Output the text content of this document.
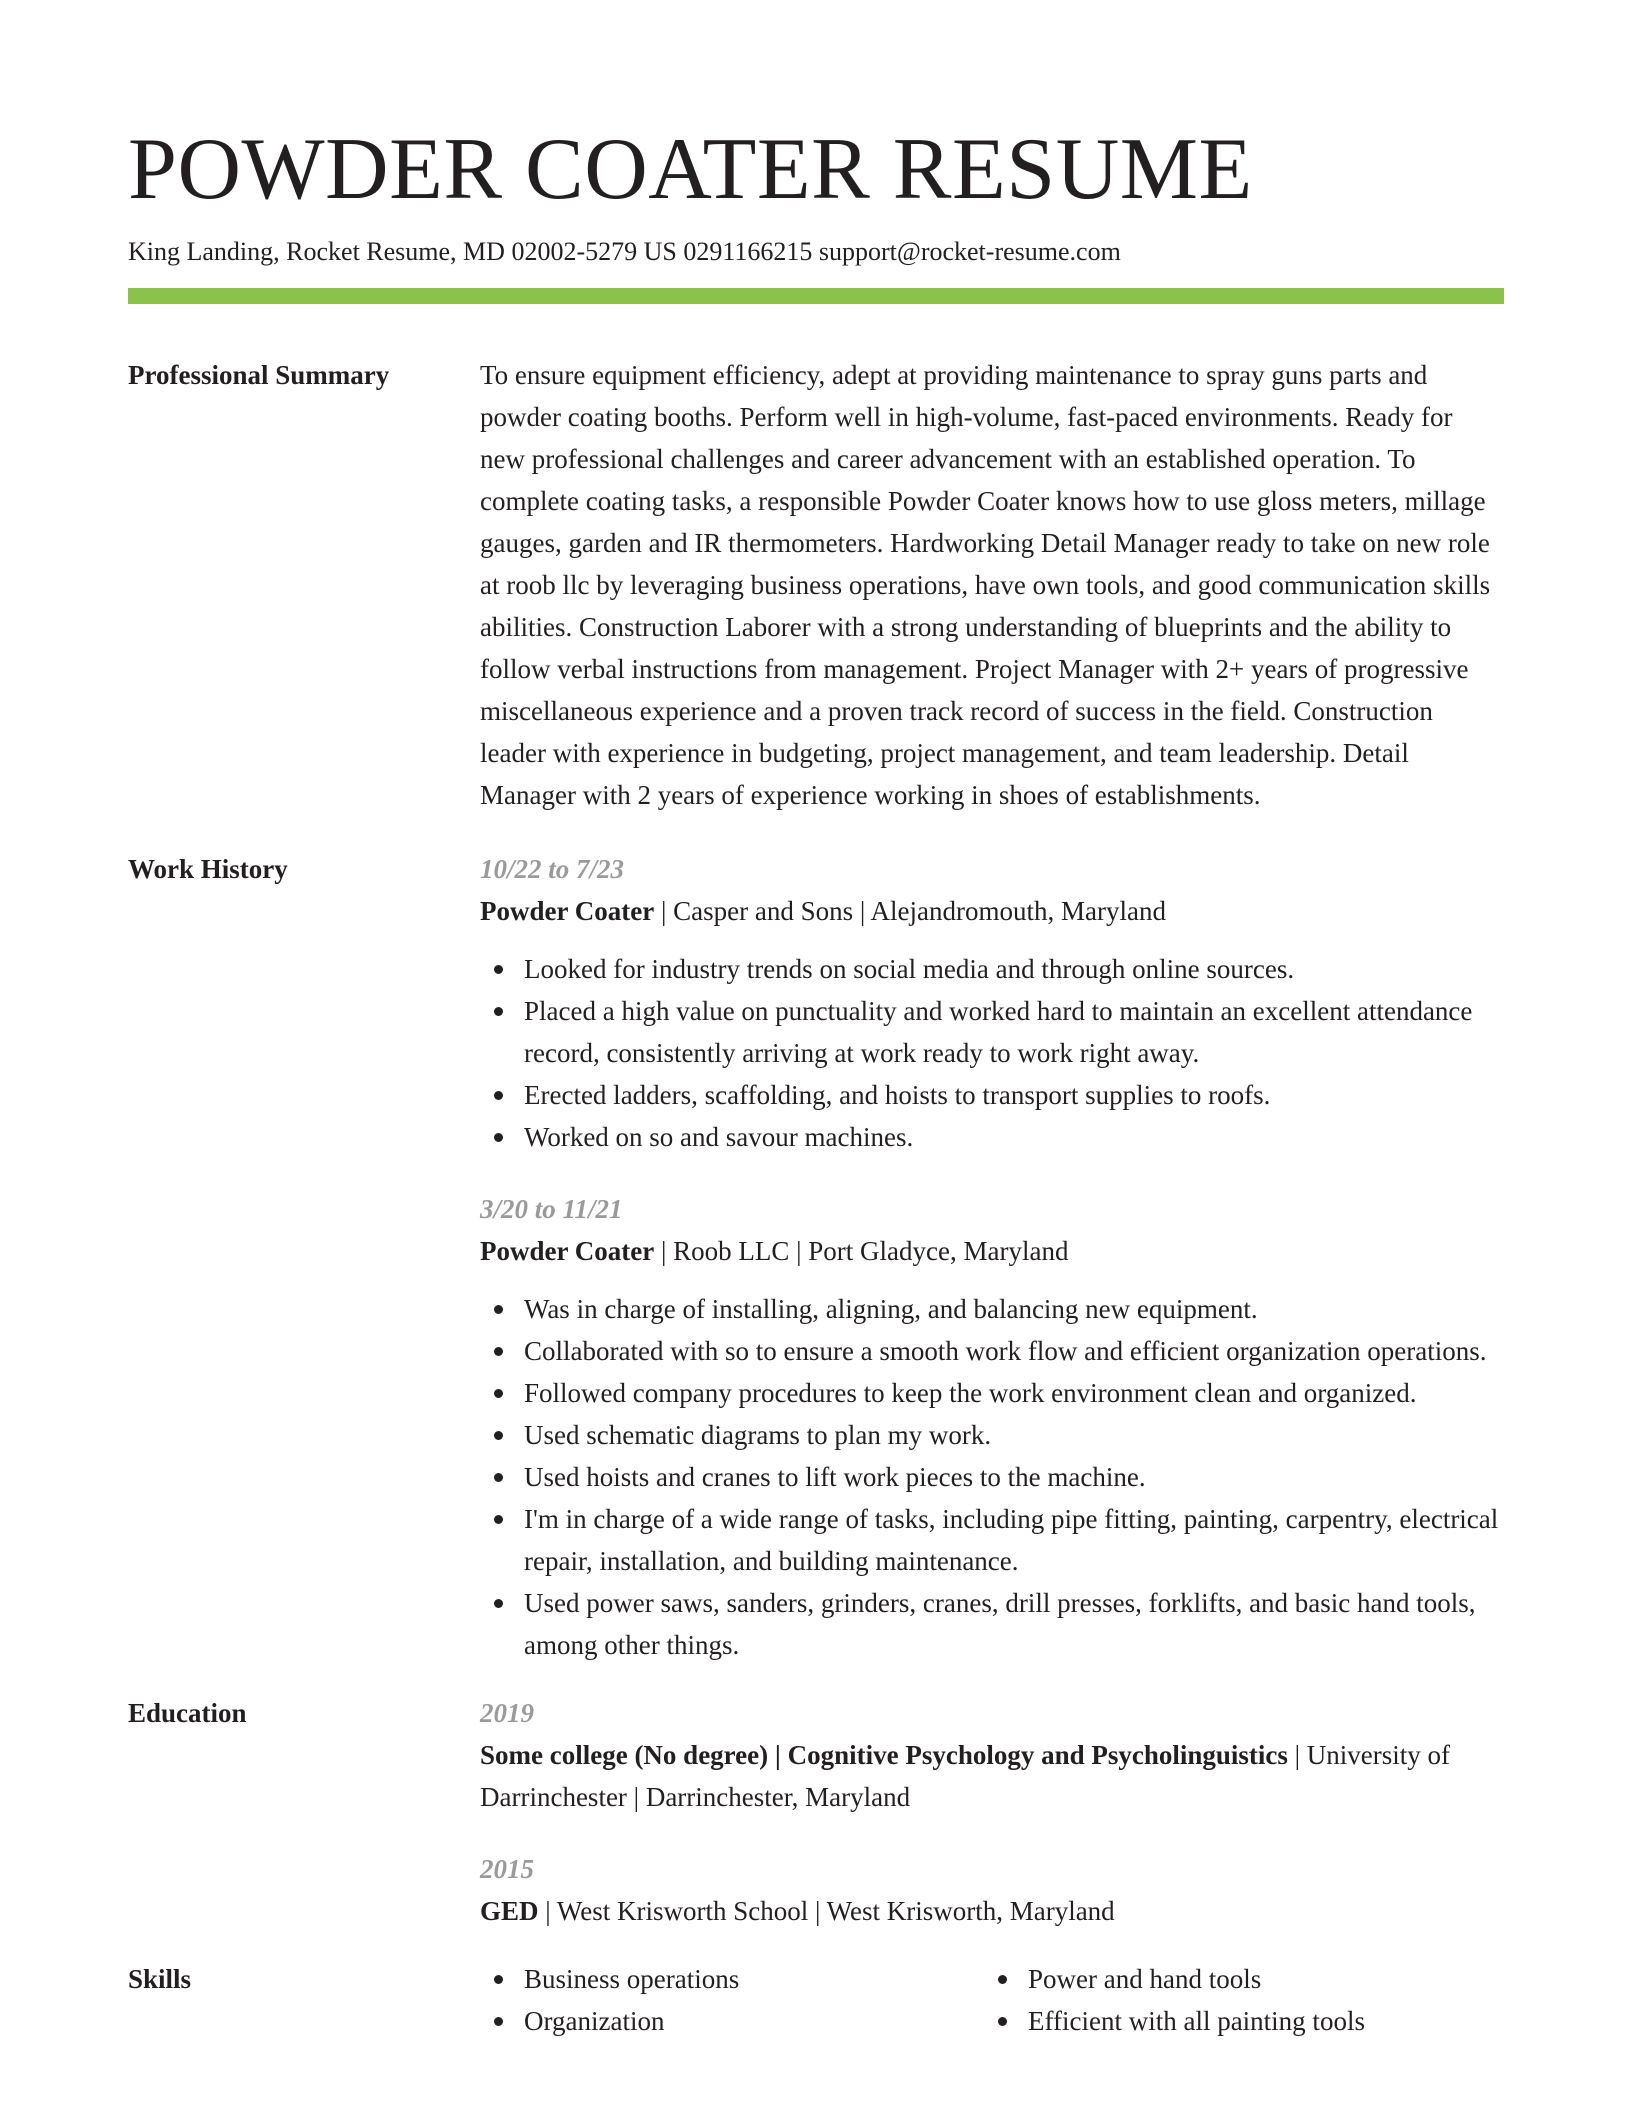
POWDER COATER RESUME
King Landing, Rocket Resume, MD 02002-5279 US 0291166215 support@rocket-resume.com
Professional Summary	To ensure equipment efficiency, adept at providing maintenance to spray guns parts and powder coating booths. Perform well in high-volume, fast-paced environments. Ready for new professional challenges and career advancement with an established operation. To complete coating tasks, a responsible Powder Coater knows how to use gloss meters, millage gauges, garden and IR thermometers. Hardworking Detail Manager ready to take on new role at roob llc by leveraging business operations, have own tools, and good communication skills abilities. Construction Laborer with a strong understanding of blueprints and the ability to follow verbal instructions from management. Project Manager with 2+ years of progressive miscellaneous experience and a proven track record of success in the field. Construction leader with experience in budgeting, project management, and team leadership. Detail Manager with 2 years of experience working in shoes of establishments.
Work History	10/22 to 7/23
Powder Coater | Casper and Sons | Alejandromouth, Maryland
Looked for industry trends on social media and through online sources.
Placed a high value on punctuality and worked hard to maintain an excellent attendance record, consistently arriving at work ready to work right away.
Erected ladders, scaffolding, and hoists to transport supplies to roofs.
Worked on so and savour machines.
3/20 to 11/21
Powder Coater | Roob LLC | Port Gladyce, Maryland
Was in charge of installing, aligning, and balancing new equipment.
Collaborated with so to ensure a smooth work flow and efficient organization operations.
Followed company procedures to keep the work environment clean and organized.
Used schematic diagrams to plan my work.
Used hoists and cranes to lift work pieces to the machine.
I'm in charge of a wide range of tasks, including pipe fitting, painting, carpentry, electrical repair, installation, and building maintenance.
Used power saws, sanders, grinders, cranes, drill presses, forklifts, and basic hand tools, among other things.
Education	2019
Some college (No degree) | Cognitive Psychology and Psycholinguistics | University of Darrinchester | Darrinchester, Maryland
2015
GED | West Krisworth School | West Krisworth, Maryland
Skills	Business operations
Organization
Power and hand tools
Efficient with all painting tools
